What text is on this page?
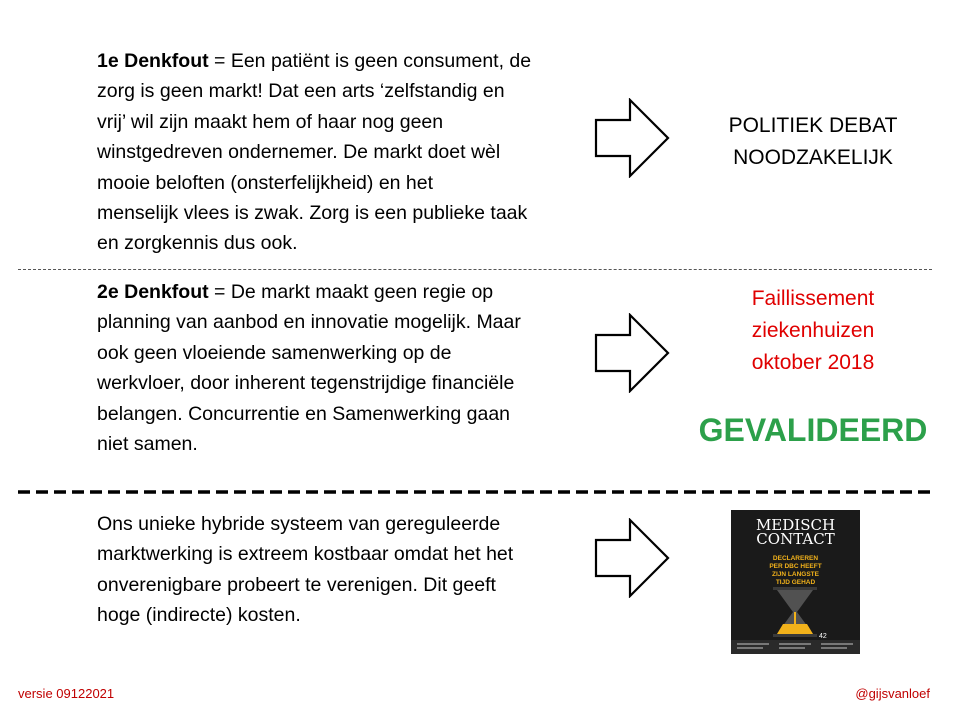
1e Denkfout = Een patiënt is geen consument, de
zorg is geen markt! Dat een arts ‘zelfstandig en
vrij’ wil zijn maakt hem of haar nog geen
winstgedreven ondernemer. De markt doet wèl
mooie beloften (onsterfelijkheid) en het
menselijk vlees is zwak. Zorg is een publieke taak
en zorgkennis dus ook.
POLITIEK DEBAT
NOODZAKELIJK
2e Denkfout = De markt maakt geen regie op
planning van aanbod en innovatie mogelijk. Maar
ook geen vloeiende samenwerking op de
werkvloer, door inherent tegenstrijdige financiële
belangen. Concurrentie en Samenwerking gaan
niet samen.
Faillissement
ziekenhuizen
oktober 2018
GEVALIDEERD
Ons unieke hybride systeem van gereguleerde
marktwerking is extreem kostbaar omdat het het
onverenigbare probeert te verenigen. Dit geeft
hoge (indirecte) kosten.
MEDISCH
CONTACT
DECLAREREN
PER DBC HEEFT
ZIJN LANGSTE
TIJD GEHAD
42
versie 09122021	@gijsvanloef
